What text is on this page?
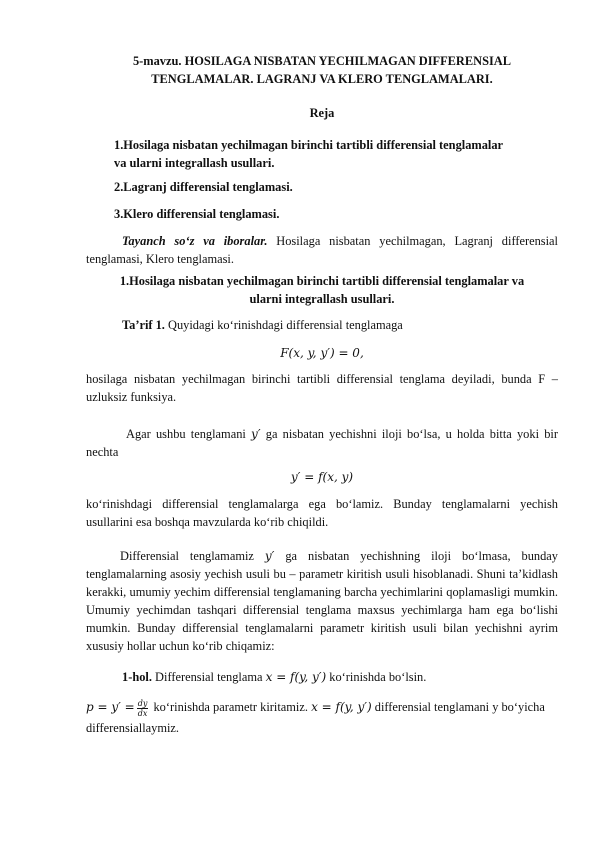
5-mavzu. HOSILAGA NISBATAN YECHILMAGAN DIFFERENSIAL
TENGLAMALAR. LAGRANJ VA KLERO TENGLAMALARI.
Reja
1.Hosilaga nisbatan yechilmagan birinchi tartibli differensial tenglamalar
va ularni integrallash usullari.
2.Lagranj differensial tenglamasi.
3.Klero differensial tenglamasi.

Tayanch so‘z va iboralar. Hosilaga nisbatan yechilmagan, Lagranj differensial tenglamasi, Klero tenglamasi.

1.Hosilaga nisbatan yechilmagan birinchi tartibli differensial tenglamalar va
ularni integrallash usullari.

Ta’rif 1. Quyidagi ko‘rinishdagi differensial tenglamaga

F(x, y, y′) = 0,

hosilaga nisbatan yechilmagan birinchi tartibli differensial tenglama deyiladi, bunda F – uzluksiz funksiya.

Agar ushbu tenglamani y′ ga nisbatan yechishni iloji bo‘lsa, u holda bitta yoki bir nechta

y′ = f(x, y)

ko‘rinishdagi differensial tenglamalarga ega bo‘lamiz. Bunday tenglamalarni yechish usullarini esa boshqa mavzularda ko‘rib chiqildi.

Differensial tenglamamiz y′ ga nisbatan yechishning iloji bo‘lmasa, bunday tenglamalarning asosiy yechish usuli bu – parametr kiritish usuli hisoblanadi. Shuni ta’kidlash kerakki, umumiy yechim differensial tenglamaning barcha yechimlarini qoplamasligi mumkin. Umumiy yechimdan tashqari differensial tenglama maxsus yechimlarga ham ega bo‘lishi mumkin. Bunday differensial tenglamalarni parametr kiritish usuli bilan yechishni ayrim xususiy hollar uchun ko‘rib chiqamiz:

1-hol. Differensial tenglama x = f(y, y′) ko‘rinishda bo‘lsin.

$p = y' = \frac{dy}{dx}$ ko‘rinishda parametr kiritamiz. x = f(y, y′) differensial tenglamani y bo‘yicha differensiallaymiz.
